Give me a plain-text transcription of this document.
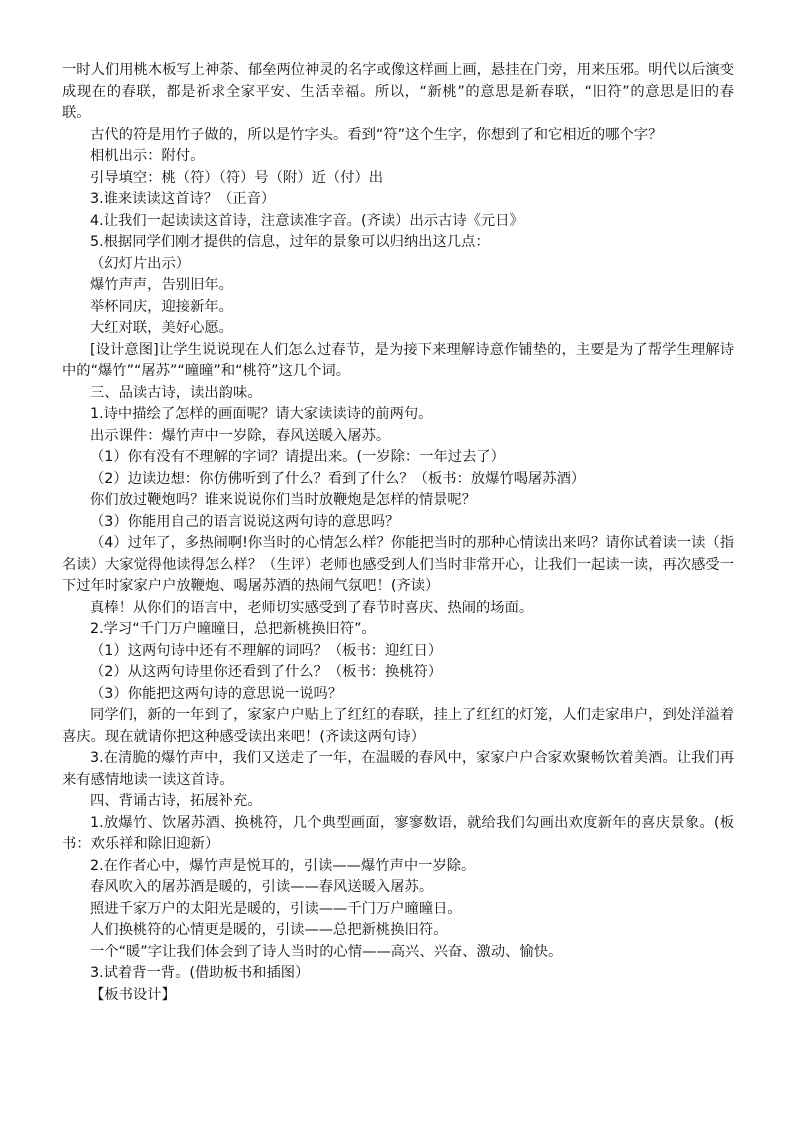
一时人们用桃木板写上神荼、郁垒两位神灵的名字或像这样画上画，悬挂在门旁，用来压邪。明代以后演变成现在的春联，都是祈求全家平安、生活幸福。所以，“新桃”的意思是新春联，“旧符”的意思是旧的春联。

古代的符是用竹子做的，所以是竹字头。看到“符”这个生字，你想到了和它相近的哪个字？

相机出示：附付。

引导填空：桃（符）（符）号（附）近（付）出

3.谁来读读这首诗？（正音）

4.让我们一起读读这首诗，注意读准字音。(齐读）出示古诗《元日》

5.根据同学们刚才提供的信息，过年的景象可以归纳出这几点：

（幻灯片出示）

爆竹声声，告别旧年。

举杯同庆，迎接新年。

大红对联，美好心愿。

[设计意图]让学生说说现在人们怎么过春节，是为接下来理解诗意作铺垫的，主要是为了帮学生理解诗中的“爆竹”“屠苏”“曈曈”和“桃符”这几个词。

三、品读古诗，读出韵味。

1.诗中描绘了怎样的画面呢？请大家读读诗的前两句。

出示课件：爆竹声中一岁除，春风送暖入屠苏。

（1）你有没有不理解的字词？请提出来。(一岁除：一年过去了）

（2）边读边想：你仿佛听到了什么？看到了什么？（板书：放爆竹喝屠苏酒）

你们放过鞭炮吗？谁来说说你们当时放鞭炮是怎样的情景呢？

（3）你能用自己的语言说说这两句诗的意思吗？

（4）过年了，多热闹啊!你当时的心情怎么样？你能把当时的那种心情读出来吗？请你试着读一读（指名读）大家觉得他读得怎么样？（生评）老师也感受到人们当时非常开心，让我们一起读一读，再次感受一下过年时家家户户放鞭炮、喝屠苏酒的热闹气氛吧！(齐读）

真棒！从你们的语言中，老师切实感受到了春节时喜庆、热闹的场面。

2.学习“千门万户曈曈日，总把新桃换旧符”。

（1）这两句诗中还有不理解的词吗？（板书：迎红日）

（2）从这两句诗里你还看到了什么？（板书：换桃符）

（3）你能把这两句诗的意思说一说吗？

同学们，新的一年到了，家家户户贴上了红红的春联，挂上了红红的灯笼，人们走家串户，到处洋溢着喜庆。现在就请你把这种感受读出来吧！(齐读这两句诗）

3.在清脆的爆竹声中，我们又送走了一年，在温暖的春风中，家家户户合家欢聚畅饮着美酒。让我们再来有感情地读一读这首诗。

四、背诵古诗，拓展补充。

1.放爆竹、饮屠苏酒、换桃符，几个典型画面，寥寥数语，就给我们勾画出欢度新年的喜庆景象。(板书：欢乐祥和除旧迎新）

2.在作者心中，爆竹声是悦耳的，引读——爆竹声中一岁除。

春风吹入的屠苏酒是暖的，引读——春风送暖入屠苏。

照进千家万户的太阳光是暖的，引读——千门万户曈曈日。

人们换桃符的心情更是暖的，引读——总把新桃换旧符。

一个“暖”字让我们体会到了诗人当时的心情——高兴、兴奋、激动、愉快。

3.试着背一背。(借助板书和插图）

【板书设计】
